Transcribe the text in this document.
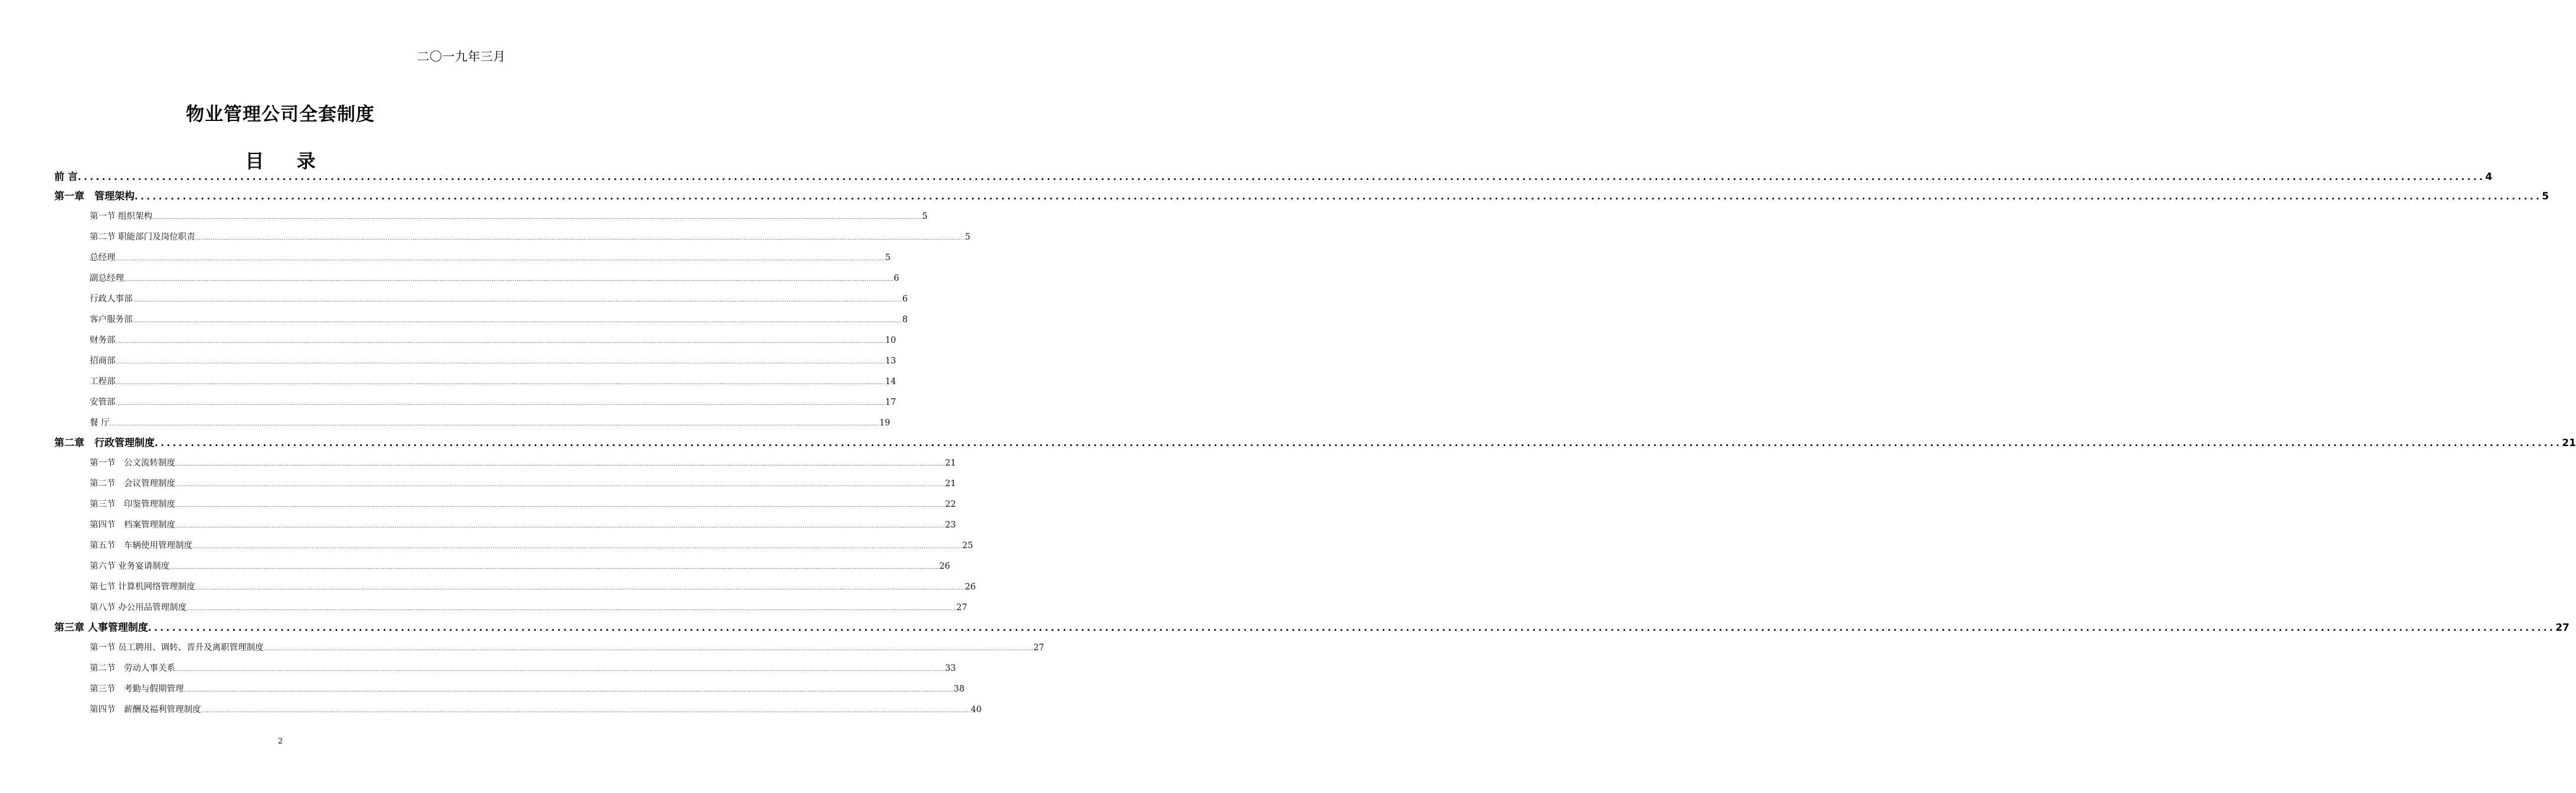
二〇一九年三月
物业管理公司全套制度
目 录
前 言 ................................................................................................................................................................................................................................................................................................................................................................................................................ 4
第一章　管理架构 ................................................................................................................................................................................................................................................................................................................................................................................................................ 5
第一节 组织架构 ................................................................................................................................................................................................................................................................................................................................................................................................................ 5
第二节 职能部门及岗位职责 ................................................................................................................................................................................................................................................................................................................................................................................................................ 5
总经理 ................................................................................................................................................................................................................................................................................................................................................................................................................ 5
副总经理 ................................................................................................................................................................................................................................................................................................................................................................................................................ 6
行政人事部 ................................................................................................................................................................................................................................................................................................................................................................................................................ 6
客户服务部 ................................................................................................................................................................................................................................................................................................................................................................................................................ 8
财务部 ................................................................................................................................................................................................................................................................................................................................................................................................................ 10
招商部 ................................................................................................................................................................................................................................................................................................................................................................................................................ 13
工程部 ................................................................................................................................................................................................................................................................................................................................................................................................................ 14
安管部 ................................................................................................................................................................................................................................................................................................................................................................................................................ 17
餐 厅 ................................................................................................................................................................................................................................................................................................................................................................................................................ 19
第二章　行政管理制度 ................................................................................................................................................................................................................................................................................................................................................................................................................ 21
第一节　公文流转制度 ................................................................................................................................................................................................................................................................................................................................................................................................................ 21
第二节　会议管理制度 ................................................................................................................................................................................................................................................................................................................................................................................................................ 21
第三节　印鉴管理制度 ................................................................................................................................................................................................................................................................................................................................................................................................................ 22
第四节　档案管理制度 ................................................................................................................................................................................................................................................................................................................................................................................................................ 23
第五节　车辆使用管理制度 ................................................................................................................................................................................................................................................................................................................................................................................................................ 25
第六节 业务宴请制度 ................................................................................................................................................................................................................................................................................................................................................................................................................ 26
第七节 计算机网络管理制度 ................................................................................................................................................................................................................................................................................................................................................................................................................ 26
第八节 办公用品管理制度 ................................................................................................................................................................................................................................................................................................................................................................................................................ 27
第三章 人事管理制度 ................................................................................................................................................................................................................................................................................................................................................................................................................ 27
第一节 员工聘用、调转、晋升及离职管理制度 ................................................................................................................................................................................................................................................................................................................................................................................................................ 27
第二节　劳动人事关系 ................................................................................................................................................................................................................................................................................................................................................................................................................ 33
第三节　考勤与假期管理 ................................................................................................................................................................................................................................................................................................................................................................................................................ 38
第四节　薪酬及福利管理制度 ................................................................................................................................................................................................................................................................................................................................................................................................................ 40
2
